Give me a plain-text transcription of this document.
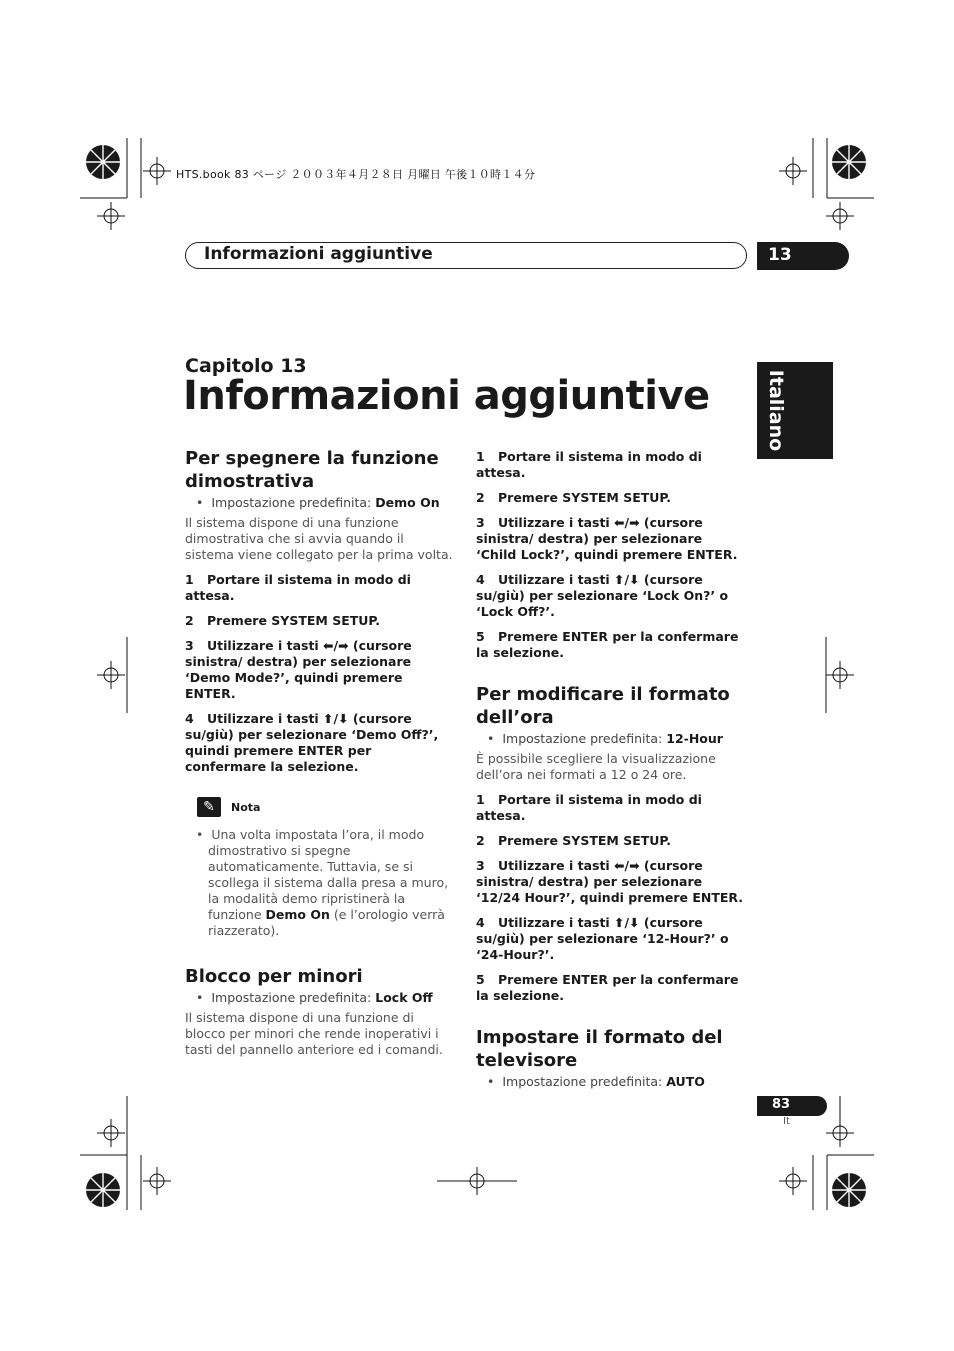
HTS.book 83 ページ ２００３年４月２８日 月曜日 午後１０時１４分
Informazioni aggiuntive	13
Italiano
Capitolo 13
Informazioni aggiuntive
Per spegnere la funzione
dimostrativa
•  Impostazione predefinita: Demo On
Il sistema dispone di una funzione dimostrativa che si avvia quando il sistema viene collegato per la prima volta.
1 Portare il sistema in modo di attesa.
2 Premere SYSTEM SETUP.
3 Utilizzare i tasti ⬅/➡ (cursore sinistra/ destra) per selezionare ‘Demo Mode?’, quindi premere ENTER.
4 Utilizzare i tasti ⬆/⬇ (cursore su/giù) per selezionare ‘Demo Off?’, quindi premere ENTER per confermare la selezione.
✎	Nota
•  Una volta impostata l’ora, il modo dimostrativo si spegne automaticamente. Tuttavia, se si scollega il sistema dalla presa a muro, la modalità demo ripristinerà la funzione Demo On (e l’orologio verrà riazzerato).
Blocco per minori
•  Impostazione predefinita: Lock Off
Il sistema dispone di una funzione di blocco per minori che rende inoperativi i tasti del pannello anteriore ed i comandi.
1 Portare il sistema in modo di attesa.
2 Premere SYSTEM SETUP.
3 Utilizzare i tasti ⬅/➡ (cursore sinistra/ destra) per selezionare ‘Child Lock?’, quindi premere ENTER.
4 Utilizzare i tasti ⬆/⬇ (cursore su/giù) per selezionare ‘Lock On?’ o ‘Lock Off?’.
5 Premere ENTER per la confermare la selezione.
Per modificare il formato
dell’ora
•  Impostazione predefinita: 12-Hour
È possibile scegliere la visualizzazione dell’ora nei formati a 12 o 24 ore.
1 Portare il sistema in modo di attesa.
2 Premere SYSTEM SETUP.
3 Utilizzare i tasti ⬅/➡ (cursore sinistra/ destra) per selezionare ‘12/24 Hour?’, quindi premere ENTER.
4 Utilizzare i tasti ⬆/⬇ (cursore su/giù) per selezionare ‘12-Hour?’ o ‘24-Hour?’.
5 Premere ENTER per la confermare la selezione.
Impostare il formato del
televisore
•  Impostazione predefinita: AUTO
83
It
